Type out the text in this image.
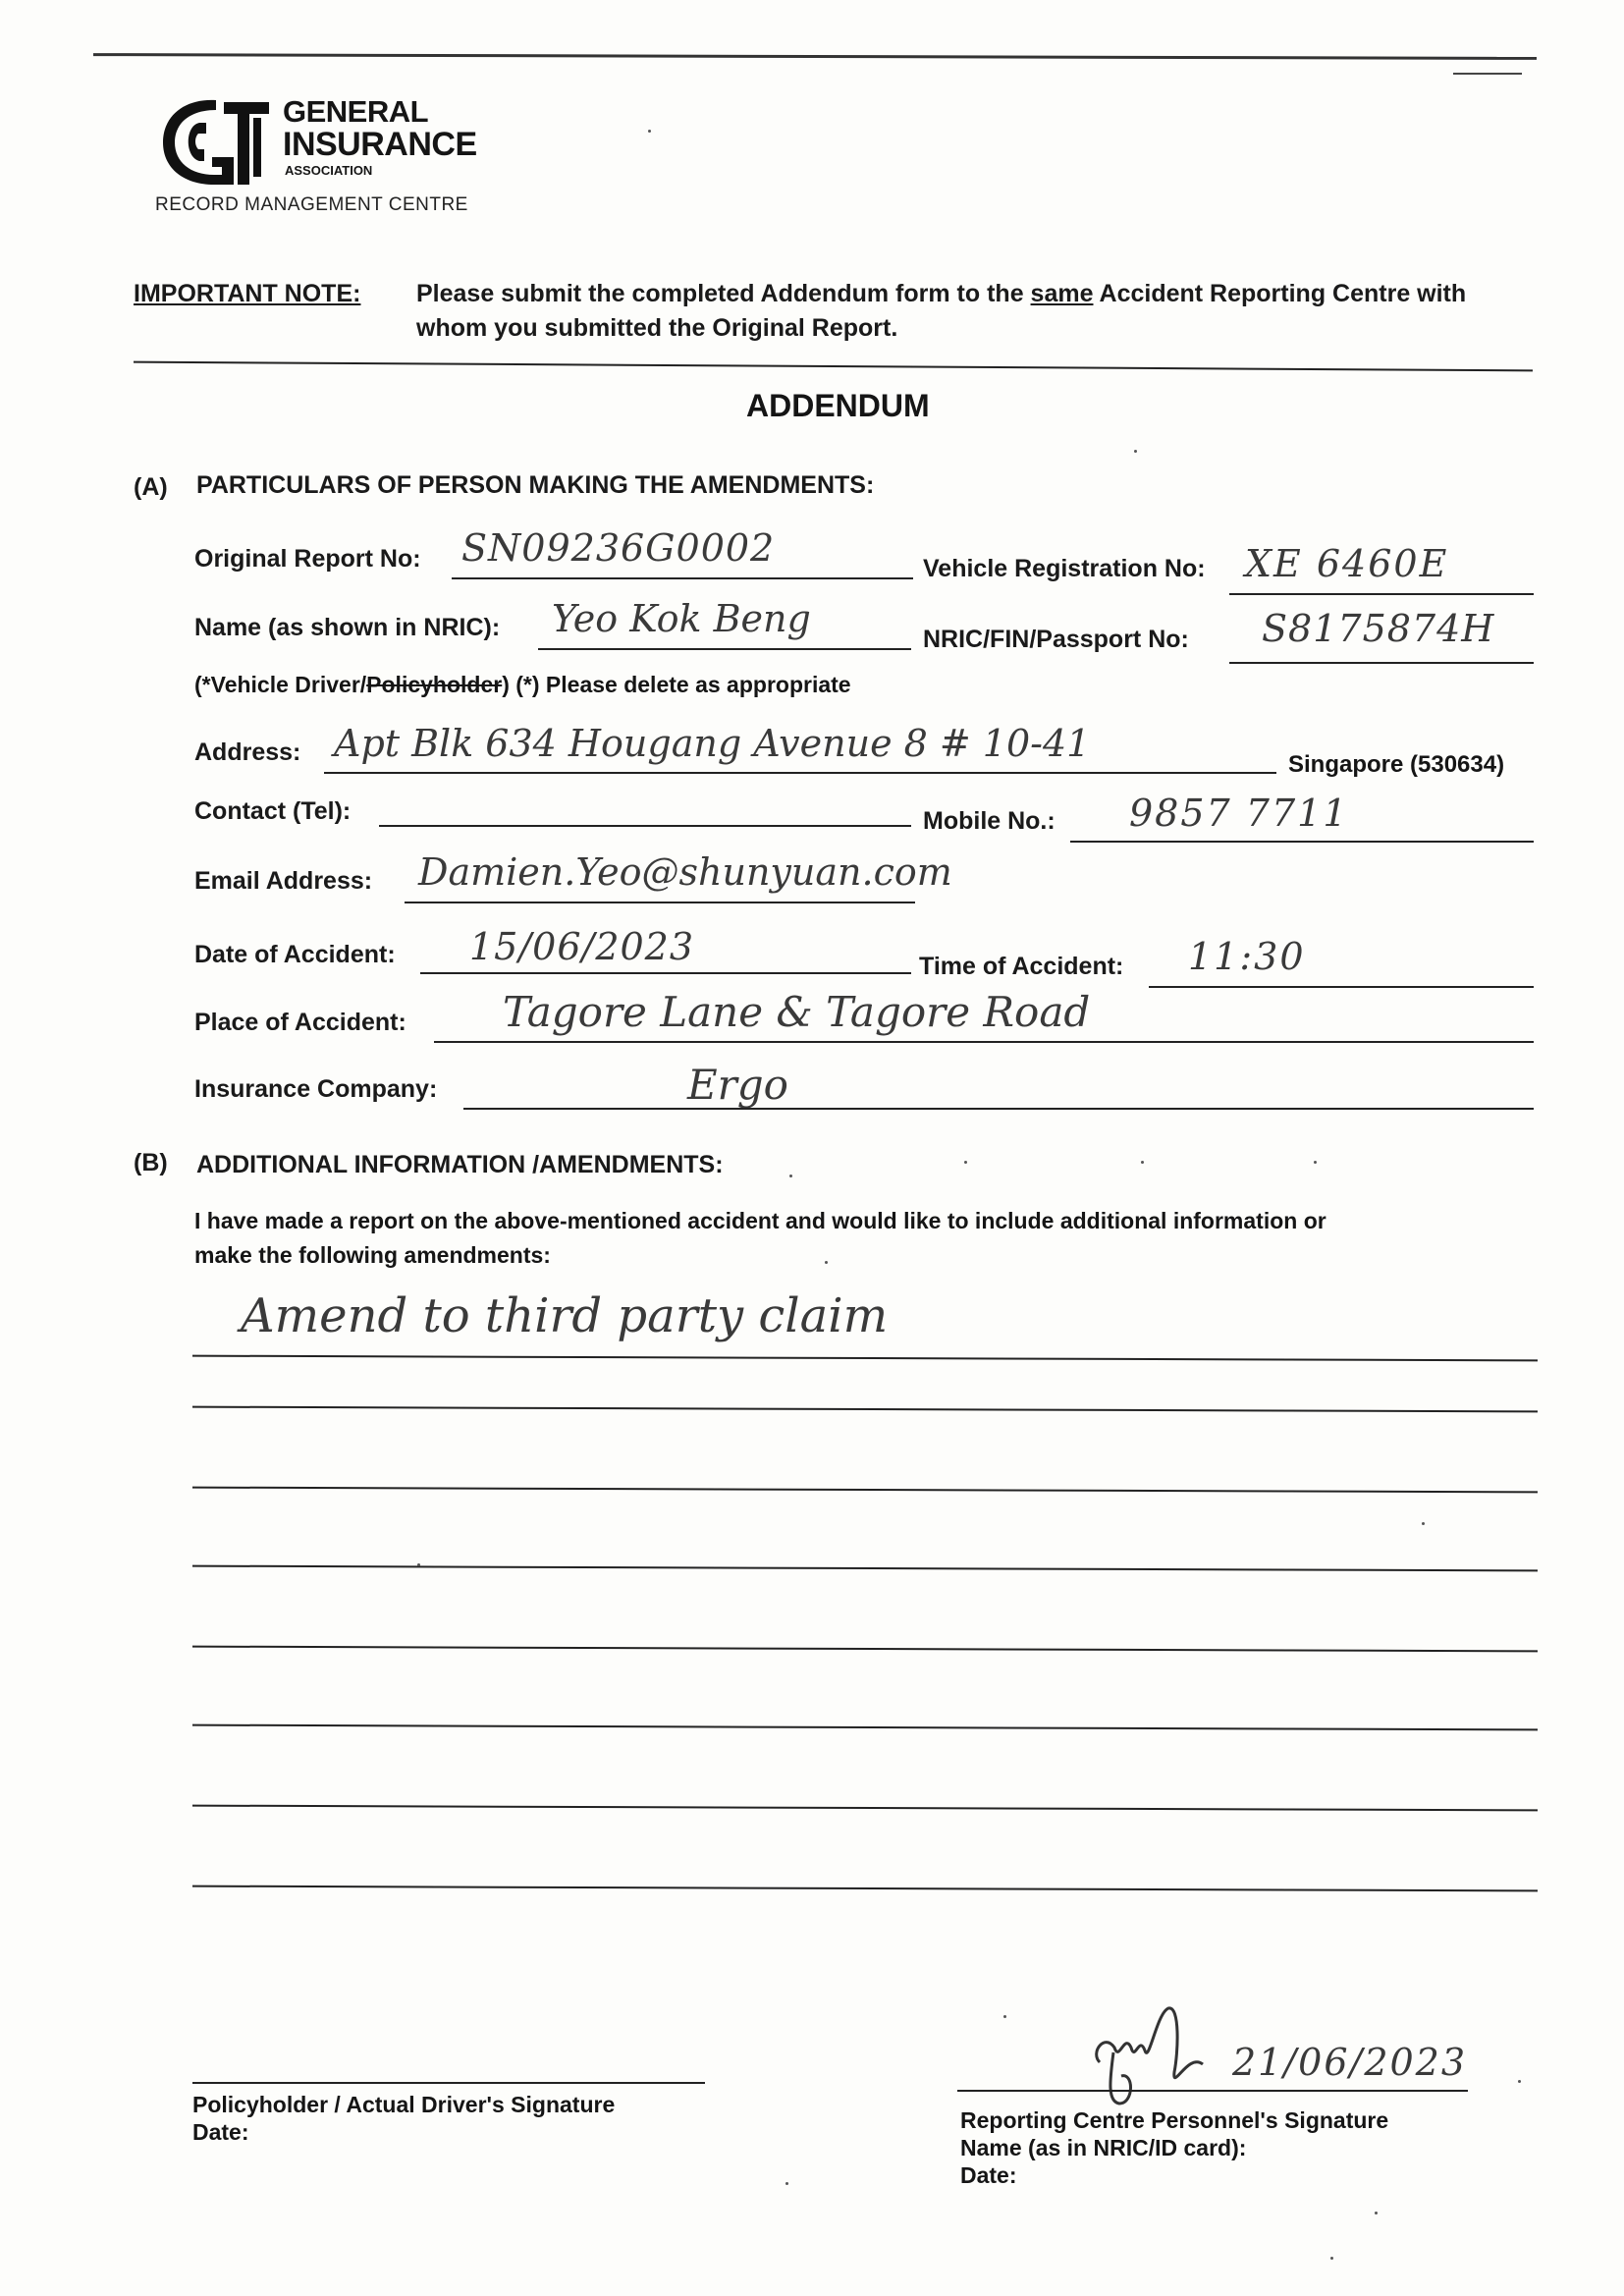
GENERAL
INSURANCE
ASSOCIATION
RECORD MANAGEMENT CENTRE
IMPORTANT NOTE: Please submit the completed Addendum form to the same Accident Reporting Centre with
whom you submitted the Original Report.
ADDENDUM
(A) PARTICULARS OF PERSON MAKING THE AMENDMENTS:
Original Report No: SN09236G0002	Vehicle Registration No: XE 6460E
Name (as shown in NRIC): Yeo Kok Beng	NRIC/FIN/Passport No: S8175874H
(*Vehicle Driver/Policyholder) (*) Please delete as appropriate
Address: Apt Blk 634 Hougang Avenue 8 # 10-41	Singapore (530634)
Contact (Tel):	Mobile No.: 9857 7711
Email Address: Damien.Yeo@shunyuan.com
Date of Accident: 15/06/2023	Time of Accident: 11:30
Place of Accident: Tagore Lane & Tagore Road
Insurance Company:	Ergo
(B) ADDITIONAL INFORMATION /AMENDMENTS:
I have made a report on the above-mentioned accident and would like to include additional information or
make the following amendments:
Amend to third party claim
Policyholder / Actual Driver's Signature
Date:
21/06/2023
Reporting Centre Personnel's Signature
Name (as in NRIC/ID card):
Date:
